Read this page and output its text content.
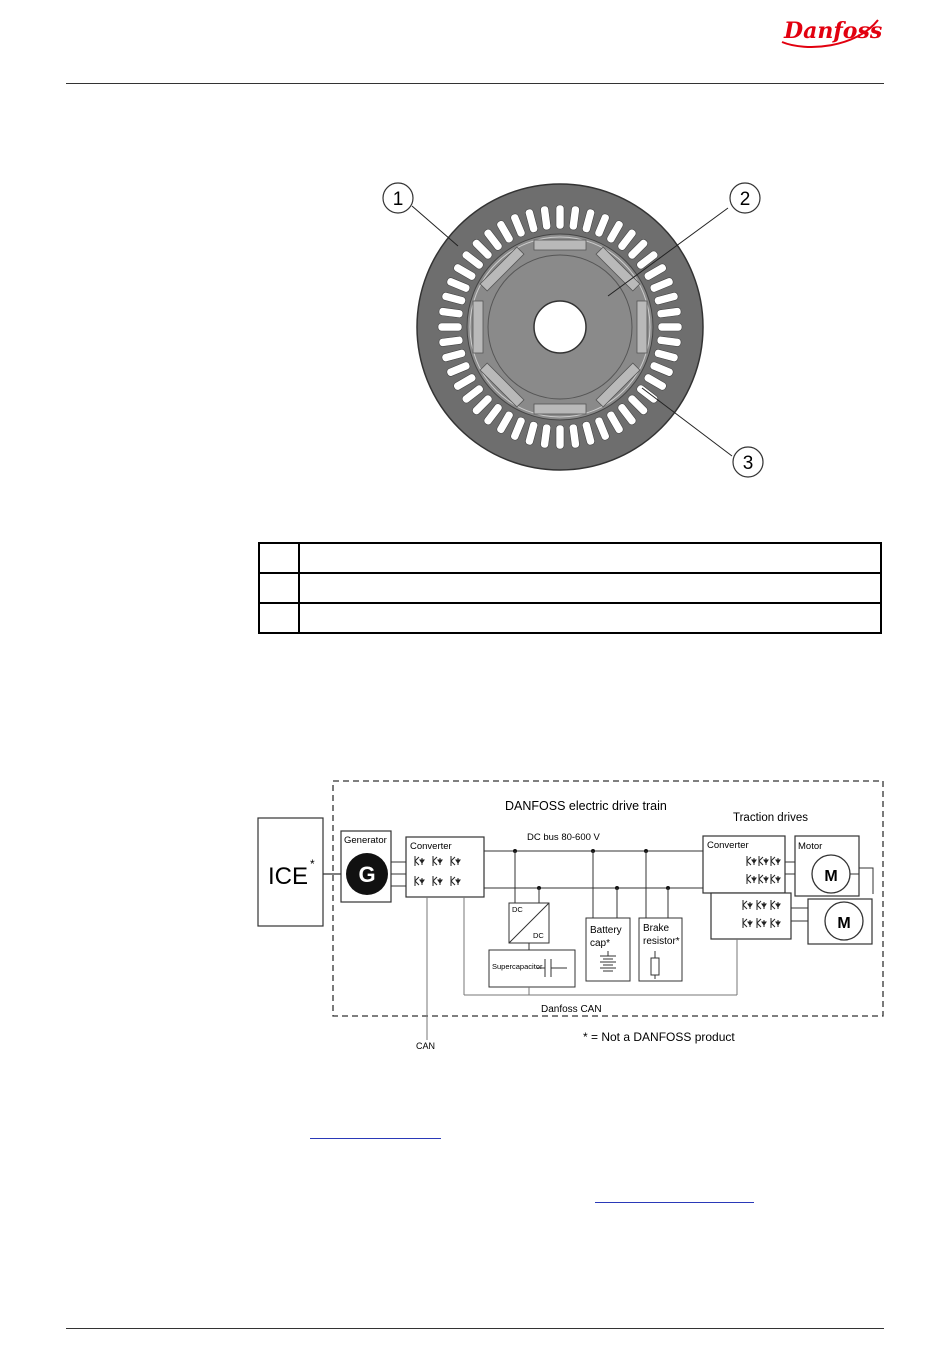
Danfoss
1	2
3

DANFOSS electric drive train
Traction drives
ICE *
Generator
G
Converter
DC bus 80-600 V
DC
DC
Supercapacitor
Battery
cap*
Brake
resistor*
Converter	Motor
M
M
Danfoss CAN
CAN
* = Not a DANFOSS product
